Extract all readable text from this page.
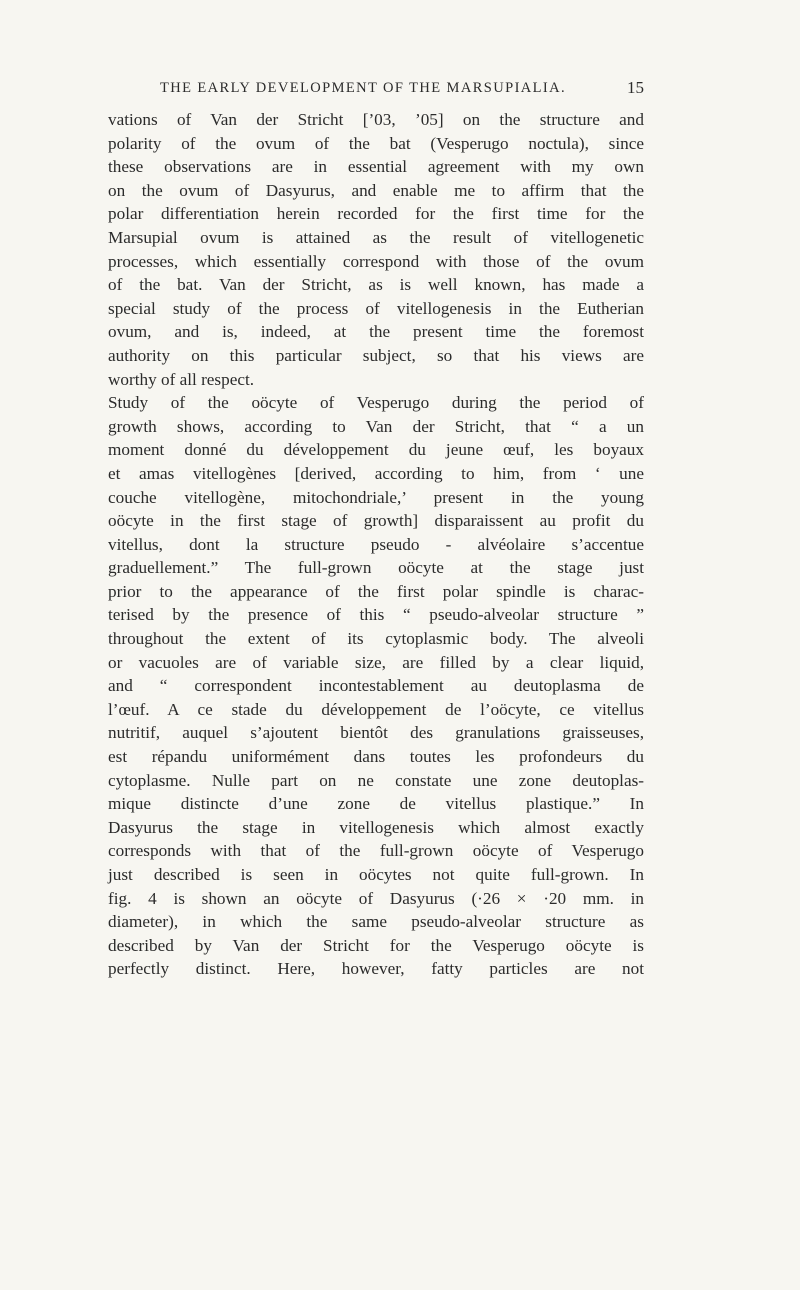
THE EARLY DEVELOPMENT OF THE MARSUPIALIA.	15
vations of Van der Stricht [’03, ’05] on the structure and
polarity of the ovum of the bat (Vesperugo noctula), since
these observations are in essential agreement with my own
on the ovum of Dasyurus, and enable me to affirm that the
polar differentiation herein recorded for the first time for the
Marsupial ovum is attained as the result of vitellogenetic
processes, which essentially correspond with those of the ovum
of the bat. Van der Stricht, as is well known, has made a
special study of the process of vitellogenesis in the Eutherian
ovum, and is, indeed, at the present time the foremost
authority on this particular subject, so that his views are
worthy of all respect.
Study of the oöcyte of Vesperugo during the period of
growth shows, according to Van der Stricht, that “ a un
moment donné du développement du jeune œuf, les boyaux
et amas vitellogènes [derived, according to him, from ‘ une
couche vitellogène, mitochondriale,’ present in the young
oöcyte in the first stage of growth] disparaissent au profit du
vitellus, dont la structure pseudo - alvéolaire s’accentue
graduellement.” The full-grown oöcyte at the stage just
prior to the appearance of the first polar spindle is charac-
terised by the presence of this “ pseudo-alveolar structure ”
throughout the extent of its cytoplasmic body. The alveoli
or vacuoles are of variable size, are filled by a clear liquid,
and “ correspondent incontestablement au deutoplasma de
l’œuf. A ce stade du développement de l’oöcyte, ce vitellus
nutritif, auquel s’ajoutent bientôt des granulations graisseuses,
est répandu uniformément dans toutes les profondeurs du
cytoplasme. Nulle part on ne constate une zone deutoplas-
mique distincte d’une zone de vitellus plastique.” In
Dasyurus the stage in vitellogenesis which almost exactly
corresponds with that of the full-grown oöcyte of Vesperugo
just described is seen in oöcytes not quite full-grown. In
fig. 4 is shown an oöcyte of Dasyurus (·26 × ·20 mm. in
diameter), in which the same pseudo-alveolar structure as
described by Van der Stricht for the Vesperugo oöcyte is
perfectly distinct. Here, however, fatty particles are not
